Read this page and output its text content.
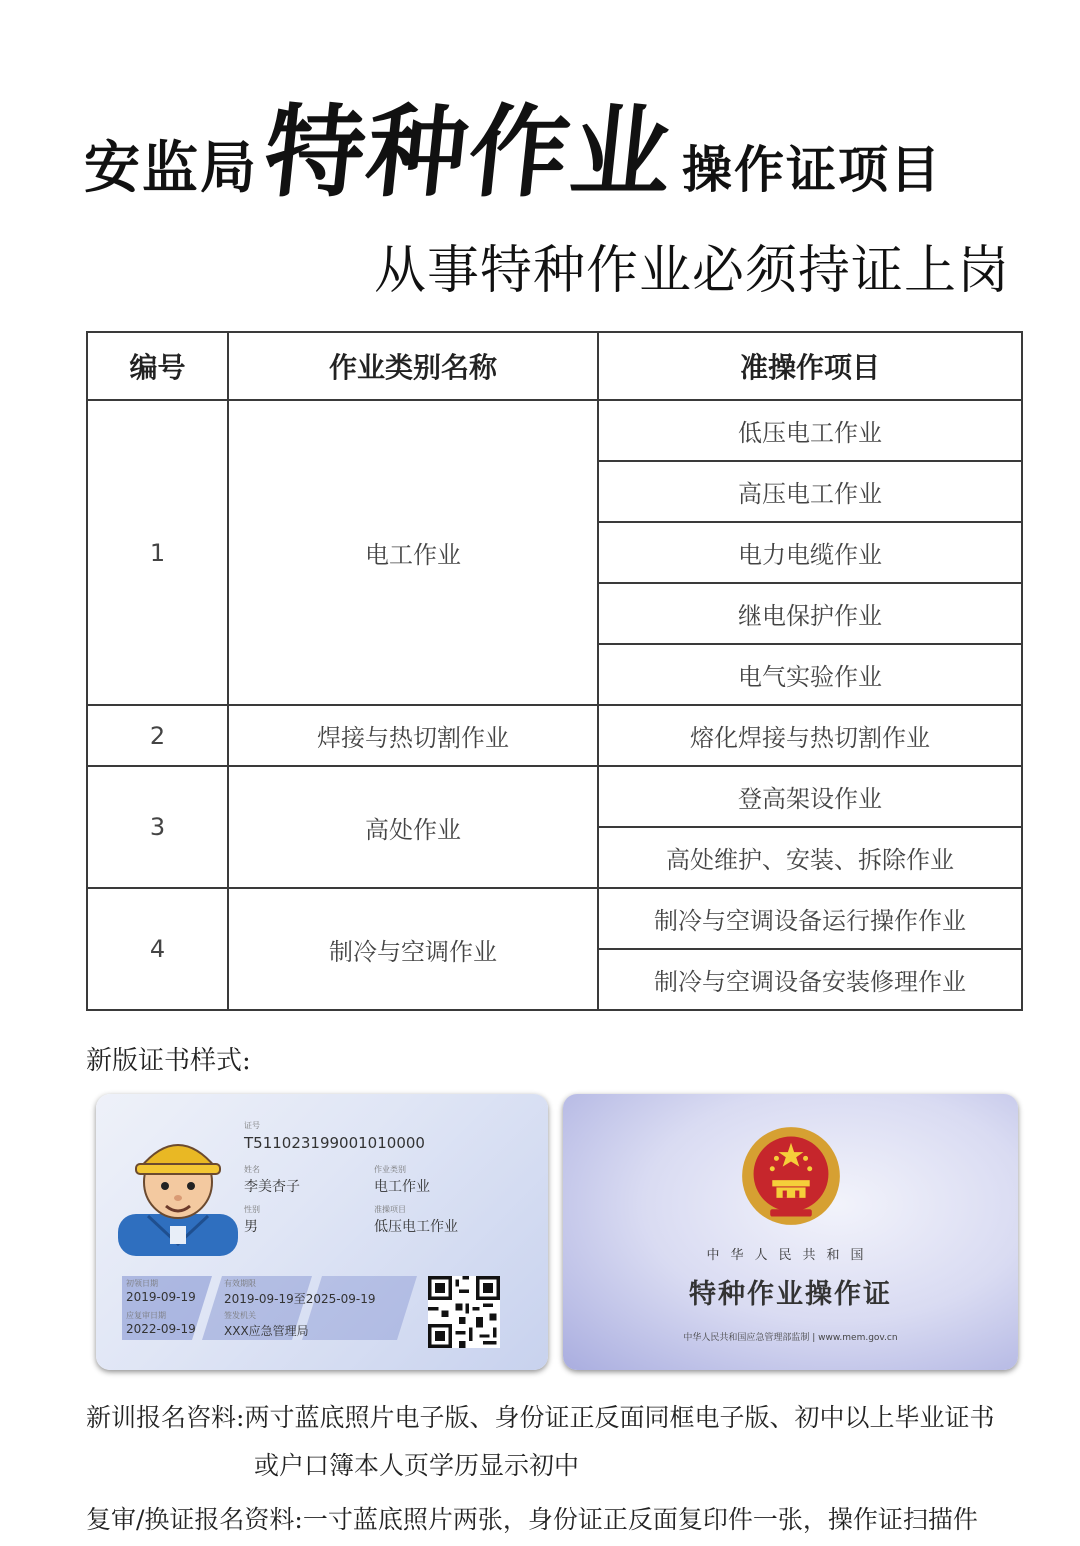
安监局 特种作业 操作证项目
从事特种作业必须持证上岗
编号	作业类别名称	准操作项目
1	电工作业	低压电工作业
		高压电工作业
		电力电缆作业
		继电保护作业
		电气实验作业
2	焊接与热切割作业	熔化焊接与热切割作业
3	高处作业	登高架设作业
		高处维护、安装、拆除作业
4	制冷与空调作业	制冷与空调设备运行操作作业
		制冷与空调设备安装修理作业
新版证书样式:
证号
T511023199001010000
姓名
李美杏子
作业类别
电工作业
性别
男
准操项目
低压电工作业
初领日期
2019-09-19
应复审日期
2022-09-19
有效期限
2019-09-19至2025-09-19
签发机关
XXX应急管理局
中华人民共和国
特种作业操作证
中华人民共和国应急管理部监制 | www.mem.gov.cn
新训报名咨料:两寸蓝底照片电子版、身份证正反面同框电子版、初中以上毕业证书
或户口簿本人页学历显示初中
复审/换证报名资料:一寸蓝底照片两张，身份证正反面复印件一张，操作证扫描件
